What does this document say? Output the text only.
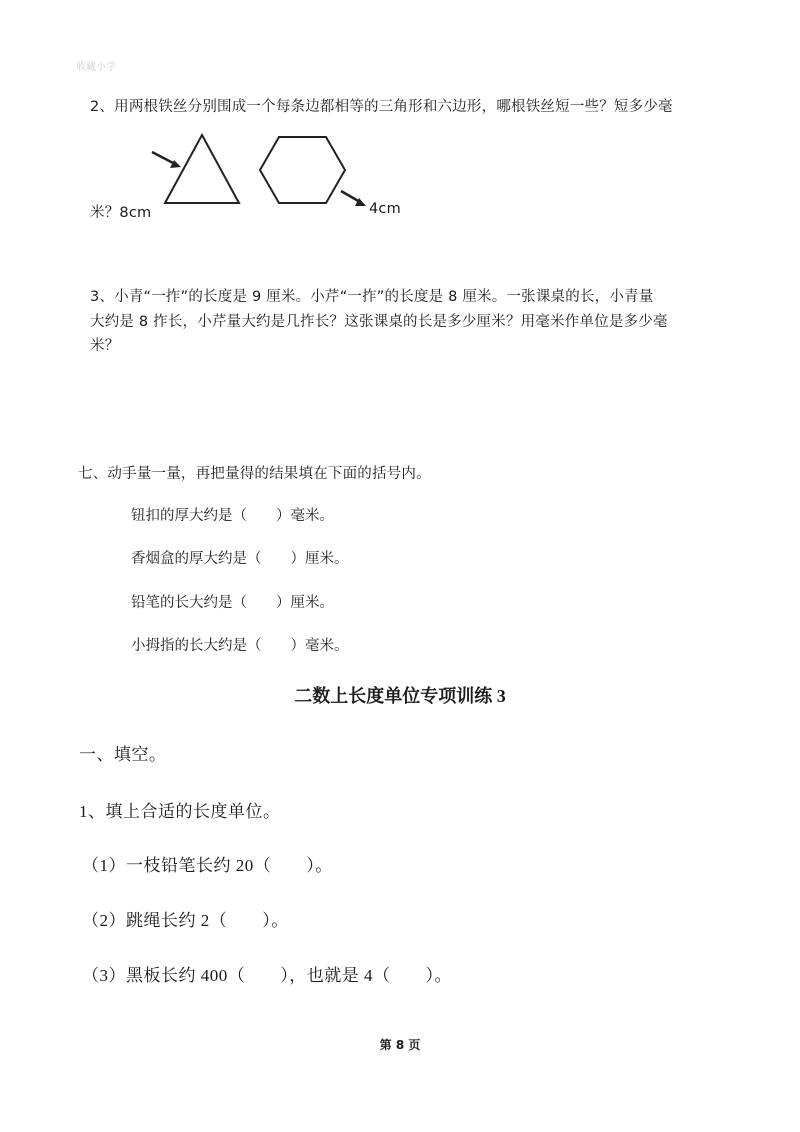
收藏小学
2、用两根铁丝分别围成一个每条边都相等的三角形和六边形，哪根铁丝短一些？短多少毫
米？8cm	4cm
3、小青“一拃”的长度是 9 厘米。小芹“一拃”的长度是 8 厘米。一张课桌的长，小青量
大约是 8 拃长，小芹量大约是几拃长？这张课桌的长是多少厘米？用毫米作单位是多少毫
米？
七、动手量一量，再把量得的结果填在下面的括号内。
钮扣的厚大约是（　　）毫米。
香烟盒的厚大约是（　　）厘米。
铅笔的长大约是（　　）厘米。
小拇指的长大约是（　　）毫米。
二数上长度单位专项训练 3
一、填空。
1、填上合适的长度单位。
（1）一枝铅笔长约 20（　　）。
（2）跳绳长约 2（　　）。
（3）黑板长约 400（　　），也就是 4（　　）。
第 8 页
